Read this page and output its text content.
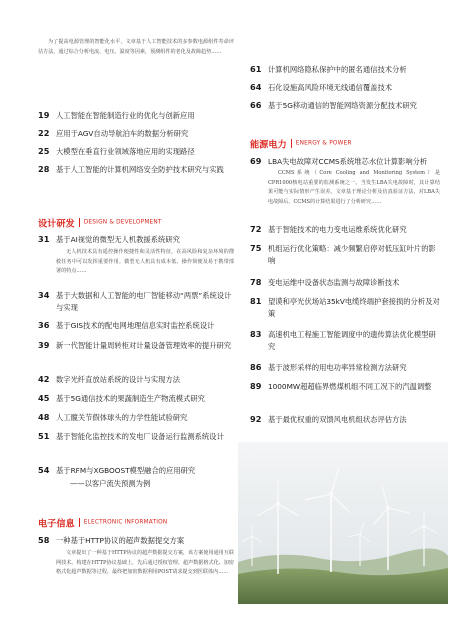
为了提高电源管理的智能化水平，文章基于人工智能技术的多参数电源组件寿命评估方法，通过综合分析电流、电压、温度等因素，预测组件的老化及故障趋势……

19 人工智能在智能制造行业的优化与创新应用
22 应用于AGV自动导航泊车的数据分析研究
25 大模型在垂直行业领域落地应用的实现路径
28 基于人工智能的计算机网络安全防护技术研究与实践
设计研发 DESIGN & DEVELOPMENT
31 基于AI视觉的微型无人机教援系统研究

无人机技术具有遥控操作便捷性和灵活性特征，在高风险和复杂环境的搜救任务中可以发挥重要作用。微型无人机具有成本低、操作简便及易于携带部署的特点……

34 基于大数据和人工智能的电厂智能移动“两票”系统设计与实现
36 基于GIS技术的配电网地理信息实时监控系统设计
39 新一代智能计量周转柜对计量设备管理效率的提升研究
42 数字光纤直放站系统的设计与实现方法
45 基于5G通信技术的果蔬制造生产物流模式研究
48 人工髋关节假体球头的力学性能试验研究
51 基于智能化监控技术的发电厂设备运行监测系统设计
54 基于RFM与XGBOOST模型融合的应用研究
——以客户流失预测为例
电子信息 ELECTRONIC INFORMATION
58 一种基于HTTP协议的超声数据提交方案

文章提出了一种基于HTTP协议的超声数据提交方案，该方案使用通用互联网技术，构建在HTTP协议基础上，先后通过授权管理、超声数据格式化、加密格式化超声数据等过程，最终把加密数据利用POST请求提交到医联体内……

61 计算机网络隐私保护中的匿名通信技术分析
64 石化设施高风险环境无线通信覆盖技术
66 基于5G移动通信的智能网络资源分配技术研究
能源电力 ENERGY & POWER
69 LBA失电故障对CCMS系统堆芯水位计算影响分析

CCMS系统（Core Cooling and Monitoring System）是CPR1000核电站重要的监测系统之一。当发生LBA失电故障时，其计算结果可能与实际情形产生误差。文章基于理论分析及仿真验证方法，对LBA失电故障后，CCMS的计算结果进行了分析研究……

72 基于智能技术的电力变电运维系统优化研究
75 机组运行优化策略：减少频繁启停对低压缸叶片的影响
78 变电运维中设备状态监测与故障诊断技术
81 望谟和亭光伏场站35kV电缆终端护套接损的分析及对策
83 高速机电工程施工智能调度中的遗传算法优化模型研究
86 基于波形采样的用电功率异常检测方法研究
89 1000MW超超临界燃煤机组不同工况下的汽温调整
92 基于最优权重的双馈风电机组状态评估方法
